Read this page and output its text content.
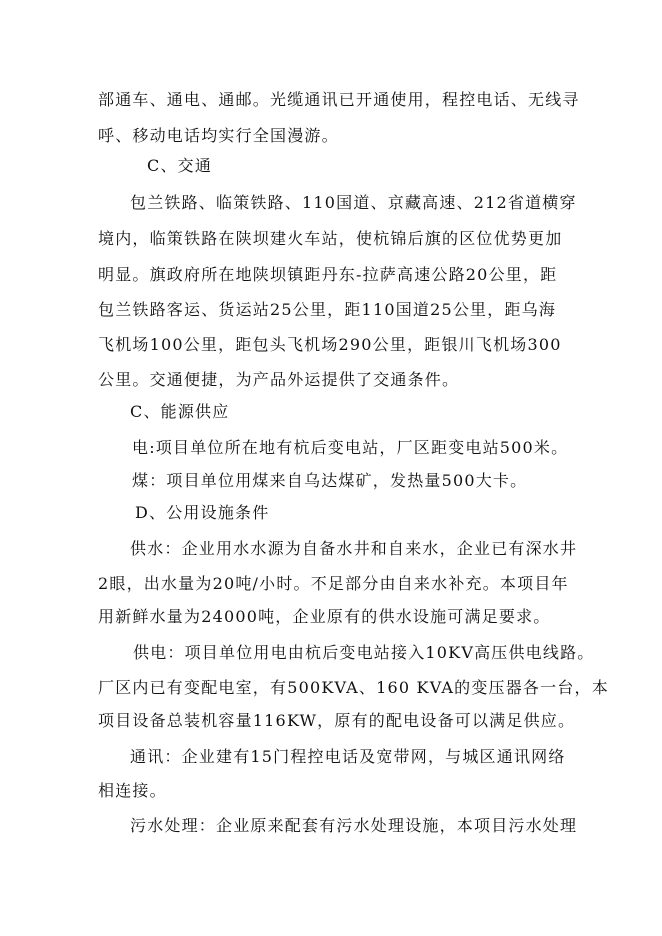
部通车、通电、通邮。光缆通讯已开通使用，程控电话、无线寻
呼、移动电话均实行全国漫游。
C、交通
包兰铁路、临策铁路、110国道、京藏高速、212省道横穿
境内，临策铁路在陕坝建火车站，使杭锦后旗的区位优势更加
明显。旗政府所在地陕坝镇距丹东-拉萨高速公路20公里，距
包兰铁路客运、货运站25公里，距110国道25公里，距乌海
飞机场100公里，距包头飞机场290公里，距银川飞机场300
公里。交通便捷，为产品外运提供了交通条件。
C、能源供应
电:项目单位所在地有杭后变电站，厂区距变电站500米。
煤：项目单位用煤来自乌达煤矿，发热量500大卡。
D、公用设施条件
供水：企业用水水源为自备水井和自来水，企业已有深水井
2眼，出水量为20吨/小时。不足部分由自来水补充。本项目年
用新鲜水量为24000吨，企业原有的供水设施可满足要求。
供电：项目单位用电由杭后变电站接入10KV高压供电线路。
厂区内已有变配电室，有500KVA、160 KVA的变压器各一台，本
项目设备总装机容量116KW，原有的配电设备可以满足供应。
通讯：企业建有15门程控电话及宽带网，与城区通讯网络
相连接。
污水处理：企业原来配套有污水处理设施，本项目污水处理
